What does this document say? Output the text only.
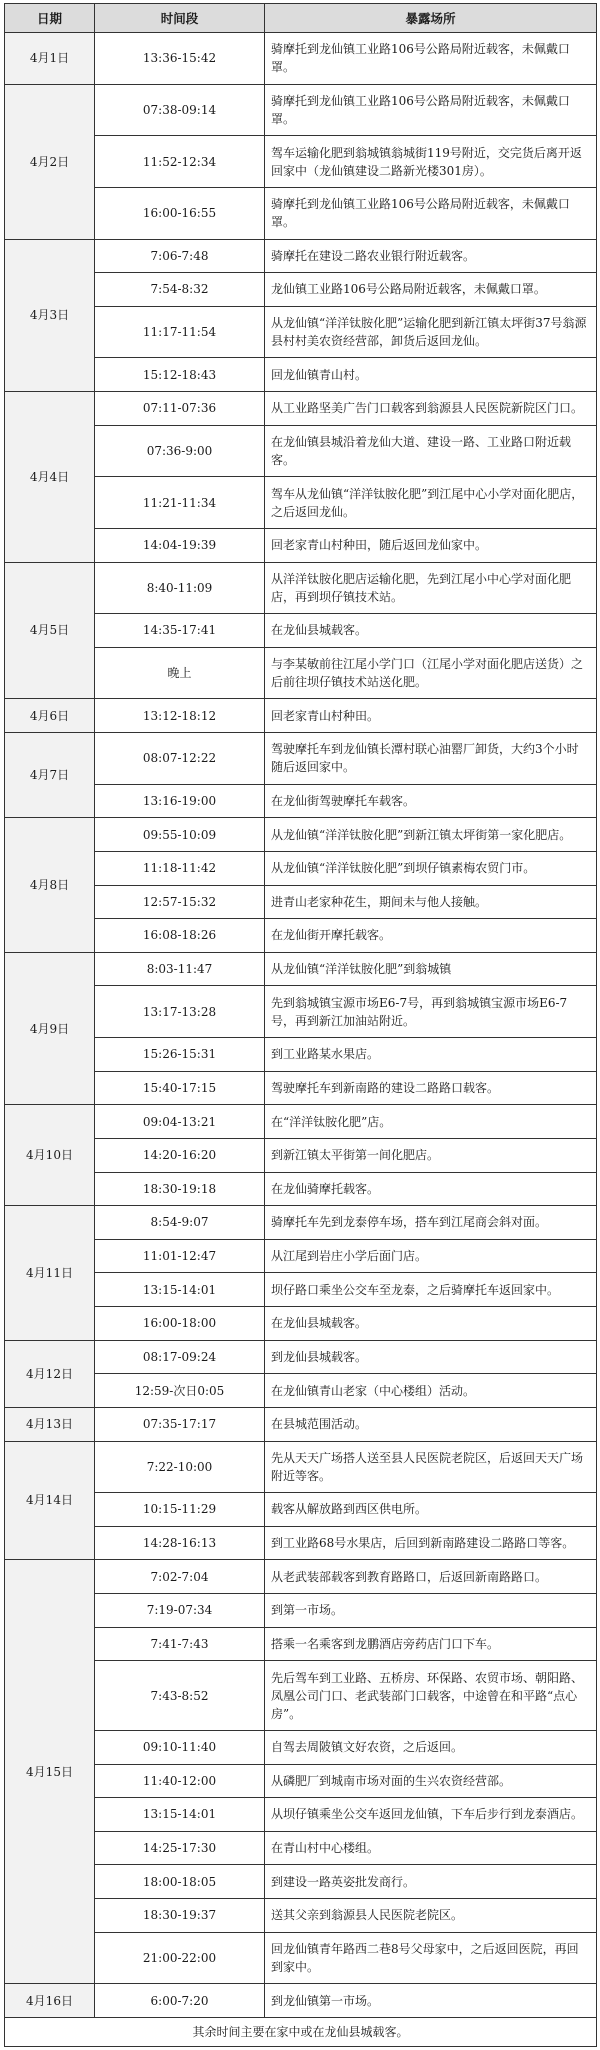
日期	时间段	暴露场所
4月1日	13:36-15:42	骑摩托到龙仙镇工业路106号公路局附近载客，未佩戴口罩。
4月2日	07:38-09:14	骑摩托到龙仙镇工业路106号公路局附近载客，未佩戴口罩。
	11:52-12:34	驾车运输化肥到翁城镇翁城街119号附近，交完货后离开返回家中（龙仙镇建设二路新光楼301房）。
	16:00-16:55	骑摩托到龙仙镇工业路106号公路局附近载客，未佩戴口罩。
4月3日	7:06-7:48	骑摩托在建设二路农业银行附近载客。
	7:54-8:32	龙仙镇工业路106号公路局附近载客，未佩戴口罩。
	11:17-11:54	从龙仙镇“洋洋钛胺化肥”运输化肥到新江镇太坪街37号翁源县村村美农资经营部，卸货后返回龙仙。
	15:12-18:43	回龙仙镇青山村。
4月4日	07:11-07:36	从工业路坚美广告门口载客到翁源县人民医院新院区门口。
	07:36-9:00	在龙仙镇县城沿着龙仙大道、建设一路、工业路口附近载客。
	11:21-11:34	驾车从龙仙镇“洋洋钛胺化肥”到江尾中心小学对面化肥店，之后返回龙仙。
	14:04-19:39	回老家青山村种田，随后返回龙仙家中。
4月5日	8:40-11:09	从洋洋钛胺化肥店运输化肥，先到江尾小中心学对面化肥店，再到坝仔镇技术站。
	14:35-17:41	在龙仙县城载客。
	晚上	与李某敏前往江尾小学门口（江尾小学对面化肥店送货）之后前往坝仔镇技术站送化肥。
4月6日	13:12-18:12	回老家青山村种田。
4月7日	08:07-12:22	驾驶摩托车到龙仙镇长潭村联心油罂厂卸货，大约3个小时随后返回家中。
	13:16-19:00	在龙仙街驾驶摩托车载客。
4月8日	09:55-10:09	从龙仙镇“洋洋钛胺化肥”到新江镇太坪街第一家化肥店。
	11:18-11:42	从龙仙镇“洋洋钛胺化肥”到坝仔镇素梅农贸门市。
	12:57-15:32	进青山老家种花生，期间未与他人接触。
	16:08-18:26	在龙仙街开摩托载客。
4月9日	8:03-11:47	从龙仙镇“洋洋钛胺化肥”到翁城镇
	13:17-13:28	先到翁城镇宝源市场E6-7号，再到翁城镇宝源市场E6-7号，再到新江加油站附近。
	15:26-15:31	到工业路某水果店。
	15:40-17:15	驾驶摩托车到新南路的建设二路路口载客。
4月10日	09:04-13:21	在“洋洋钛胺化肥”店。
	14:20-16:20	到新江镇太平街第一间化肥店。
	18:30-19:18	在龙仙骑摩托载客。
4月11日	8:54-9:07	骑摩托车先到龙泰停车场，搭车到江尾商会斜对面。
	11:01-12:47	从江尾到岩庄小学后面门店。
	13:15-14:01	坝仔路口乘坐公交车至龙泰，之后骑摩托车返回家中。
	16:00-18:00	在龙仙县城载客。
4月12日	08:17-09:24	到龙仙县城载客。
	12:59-次日0:05	在龙仙镇青山老家（中心楼组）活动。
4月13日	07:35-17:17	在县城范围活动。
4月14日	7:22-10:00	先从天天广场搭人送至县人民医院老院区，后返回天天广场附近等客。
	10:15-11:29	载客从解放路到西区供电所。
	14:28-16:13	到工业路68号水果店，后回到新南路建设二路路口等客。
4月15日	7:02-7:04	从老武装部载客到教育路路口，后返回新南路路口。
	7:19-07:34	到第一市场。
	7:41-7:43	搭乘一名乘客到龙鹏酒店旁药店门口下车。
	7:43-8:52	先后驾车到工业路、五桥房、环保路、农贸市场、朝阳路、凤凰公司门口、老武装部门口载客，中途曾在和平路“点心房”。
	09:10-11:40	自驾去周陂镇文好农资，之后返回。
	11:40-12:00	从磷肥厂到城南市场对面的生兴农资经营部。
	13:15-14:01	从坝仔镇乘坐公交车返回龙仙镇，下车后步行到龙泰酒店。
	14:25-17:30	在青山村中心楼组。
	18:00-18:05	到建设一路英姿批发商行。
	18:30-19:37	送其父亲到翁源县人民医院老院区。
	21:00-22:00	回龙仙镇青年路西二巷8号父母家中，之后返回医院，再回到家中。
4月16日	6:00-7:20	到龙仙镇第一市场。
其余时间主要在家中或在龙仙县城载客。		
